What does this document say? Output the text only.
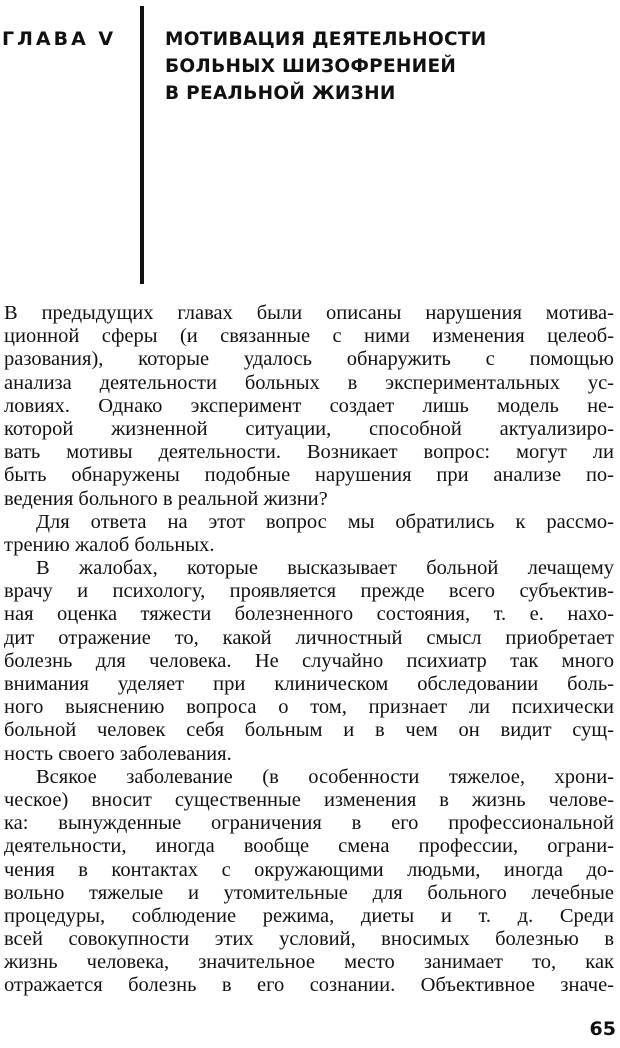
ГЛАВА V	МОТИВАЦИЯ ДЕЯТЕЛЬНОСТИ
БОЛЬНЫХ ШИЗОФРЕНИЕЙ
В РЕАЛЬНОЙ ЖИЗНИ
В предыдущих главах были описаны нарушения мотива-
ционной сферы (и связанные с ними изменения целеоб-
разования), которые удалось обнаружить с помощью
анализа деятельности больных в экспериментальных ус-
ловиях. Однако эксперимент создает лишь модель не-
которой жизненной ситуации, способной актуализиро-
вать мотивы деятельности. Возникает вопрос: могут ли
быть обнаружены подобные нарушения при анализе по-
ведения больного в реальной жизни?
Для ответа на этот вопрос мы обратились к рассмо-
трению жалоб больных.
В жалобах, которые высказывает больной лечащему
врачу и психологу, проявляется прежде всего субъектив-
ная оценка тяжести болезненного состояния, т. е. нахо-
дит отражение то, какой личностный смысл приобретает
болезнь для человека. Не случайно психиатр так много
внимания уделяет при клиническом обследовании боль-
ного выяснению вопроса о том, признает ли психически
больной человек себя больным и в чем он видит сущ-
ность своего заболевания.
Всякое заболевание (в особенности тяжелое, хрони-
ческое) вносит существенные изменения в жизнь челове-
ка: вынужденные ограничения в его профессиональной
деятельности, иногда вообще смена профессии, ограни-
чения в контактах с окружающими людьми, иногда до-
вольно тяжелые и утомительные для больного лечебные
процедуры, соблюдение режима, диеты и т. д. Среди
всей совокупности этих условий, вносимых болезнью в
жизнь человека, значительное место занимает то, как
отражается болезнь в его сознании. Объективное значе-
65
